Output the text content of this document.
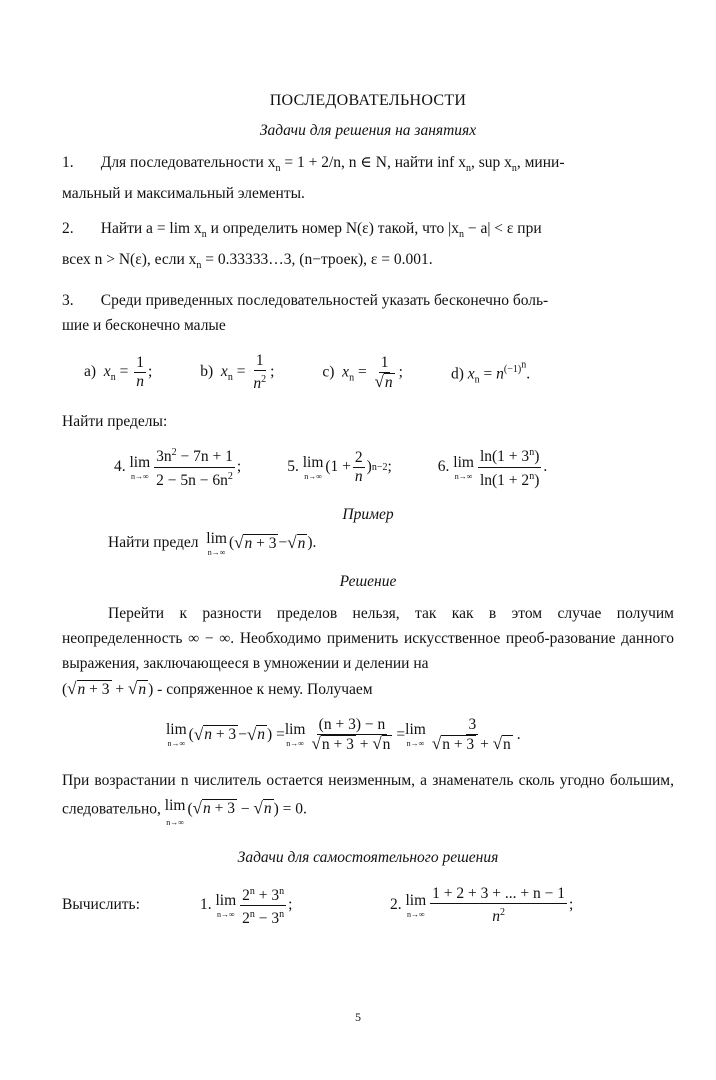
ПОСЛЕДОВАТЕЛЬНОСТИ
Задачи для решения на занятиях
1. Для последовательности $x_n = 1 + 2/n$, n ∈ N, найти inf $x_n$, sup $x_n$, мини-
мальный и максимальный элементы.
2. Найти $a = \lim x_n$ и определить номер N(ε) такой, что $|x_n - a| < \varepsilon$ при
всех n > N(ε), если $x_n$ = 0.33333…3, (n−троек), ε = 0.001.
3. Среди приведенных последовательностей указать бесконечно боль-
шие и бесконечно малые
a) $x_n = \frac{1}{n}$ ;	b) $x_n = \frac{1}{n^2}$ ;	c) $x_n = \frac{1}{√n}$ ;	d) $x_n = n^{(-1)^n}$.
Найти пределы:
4.
lim
$n\to\infty \frac{3n^2 - 7n + 1}{2 - 5n - 6n^2}$ ;	5.
lim
n→∞
($1 + \frac{2}{n}$ ) n−2 ;	6.
lim
$n\to\infty \frac{\ln(1 + 3^n)}{\ln(1 + 2^n)}$ .
Пример
Найти предел
lim
n→∞
( √ n + 3 − √ n ).
Решение
Перейти к разности пределов нельзя, так как в этом случае получим неопределенность ∞ − ∞. Необходимо применить искусственное преоб-разование данного выражения, заключающееся в умножении и делении на
(√n + 3 + √n ) - сопряженное к нему. Получаем
lim
n→∞
( √ n + 3 − √ n ) = lim
$n\to\infty \frac{(n + 3) - n}{√n + 3 + √n} = \lim$
$n\to\infty \frac{3}{√n + 3 + √n}$ .
При возрастании n числитель остается неизменным, а знаменатель сколь угодно большим, следовательно, lim
n→∞
(√n + 3 − √n ) = 0.
Задачи для самостоятельного решения
Вычислить:	1.
lim
$n\to\infty \frac{2^n + 3^n}{2^n - 3^n}$ ;	2.
lim
$n\to\infty \frac{1 + 2 + 3 + ... + n - 1}{n^2}$ ;
5
